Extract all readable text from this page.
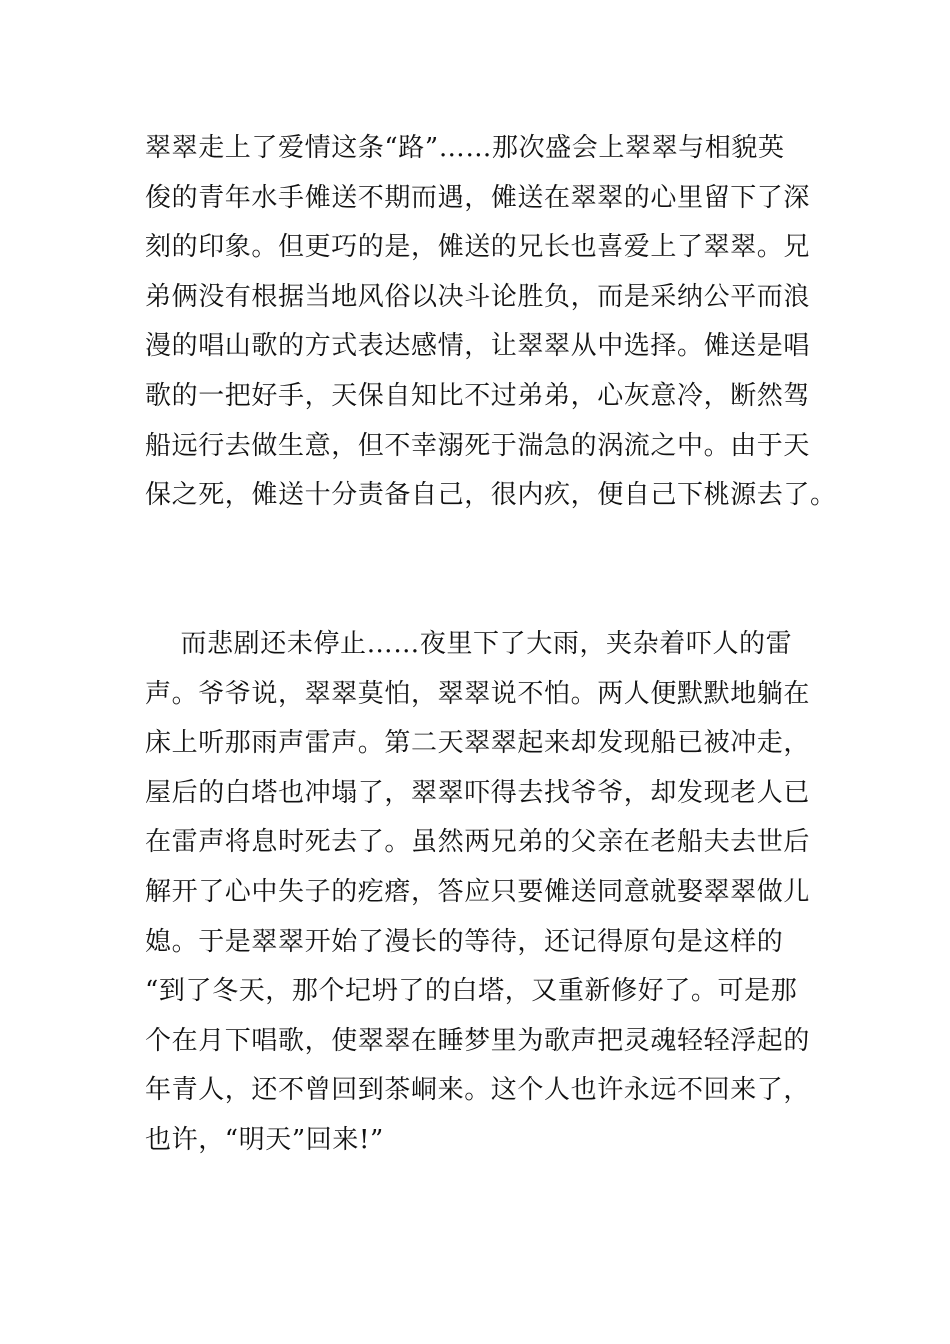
翠翠走上了爱情这条“路”……那次盛会上翠翠与相貌英
俊的青年水手傩送不期而遇，傩送在翠翠的心里留下了深
刻的印象。但更巧的是，傩送的兄长也喜爱上了翠翠。兄
弟俩没有根据当地风俗以决斗论胜负，而是采纳公平而浪
漫的唱山歌的方式表达感情，让翠翠从中选择。傩送是唱
歌的一把好手，天保自知比不过弟弟，心灰意冷，断然驾
船远行去做生意，但不幸溺死于湍急的涡流之中。由于天
保之死，傩送十分责备自己，很内疚，便自己下桃源去了。
而悲剧还未停止……夜里下了大雨，夹杂着吓人的雷
声。爷爷说，翠翠莫怕，翠翠说不怕。两人便默默地躺在
床上听那雨声雷声。第二天翠翠起来却发现船已被冲走，
屋后的白塔也冲塌了，翠翠吓得去找爷爷，却发现老人已
在雷声将息时死去了。虽然两兄弟的父亲在老船夫去世后
解开了心中失子的疙瘩，答应只要傩送同意就娶翠翠做儿
媳。于是翠翠开始了漫长的等待，还记得原句是这样的
“到了冬天，那个圮坍了的白塔，又重新修好了。可是那
个在月下唱歌，使翠翠在睡梦里为歌声把灵魂轻轻浮起的
年青人，还不曾回到茶峒来。这个人也许永远不回来了，
也许，“明天”回来!”
